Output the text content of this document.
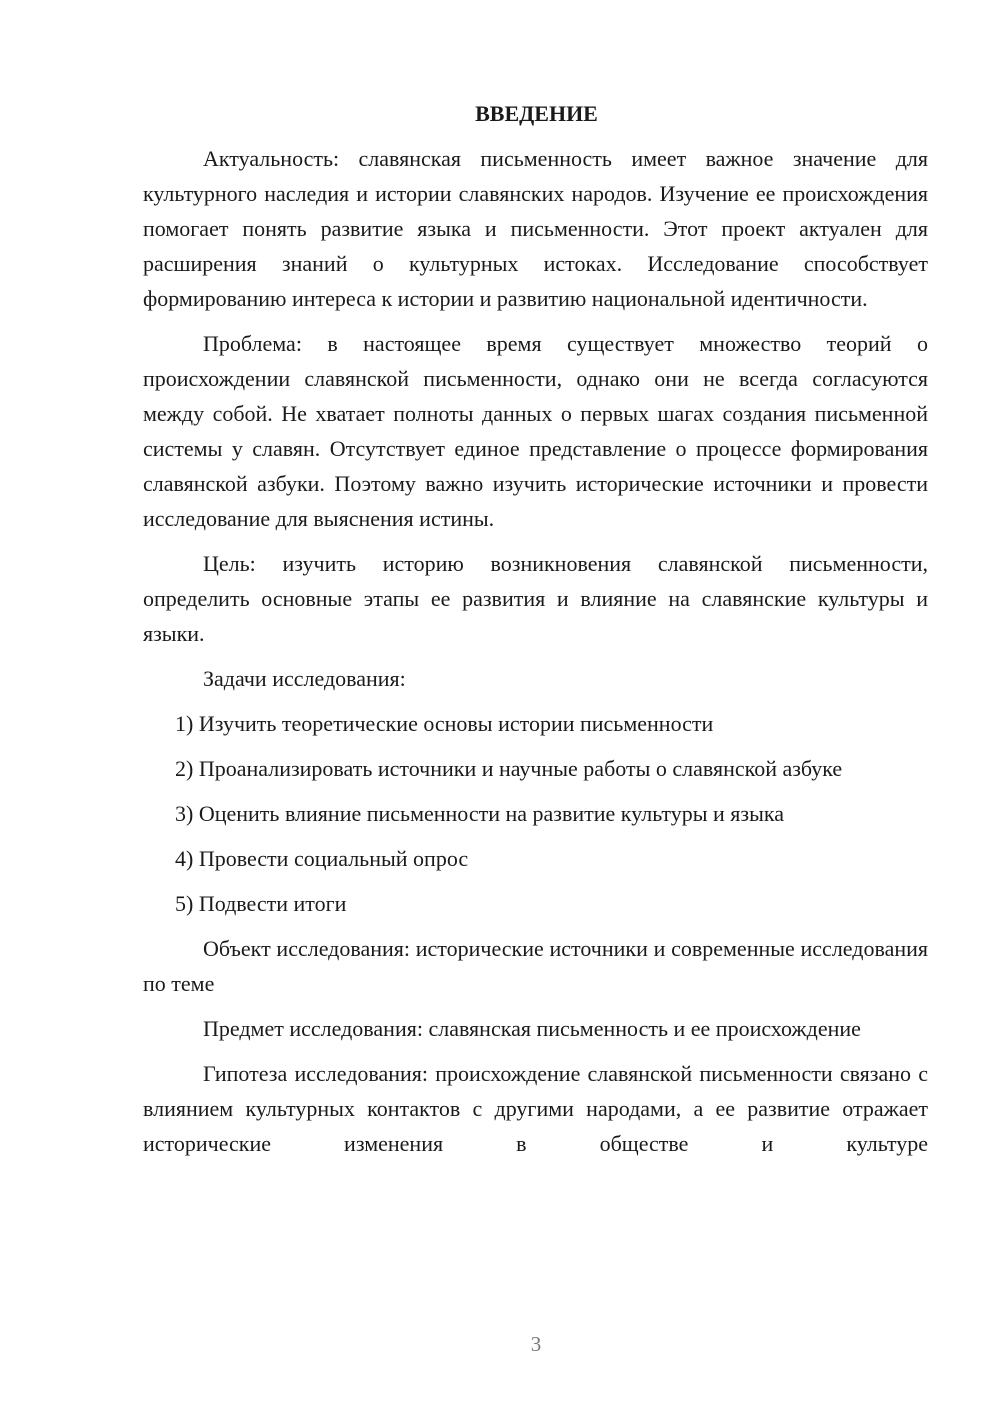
ВВЕДЕНИЕ
Актуальность: славянская письменность имеет важное значение для культурного наследия и истории славянских народов. Изучение ее происхождения помогает понять развитие языка и письменности. Этот проект актуален для расширения знаний о культурных истоках. Исследование способствует формированию интереса к истории и развитию национальной идентичности.
Проблема: в настоящее время существует множество теорий о происхождении славянской письменности, однако они не всегда согласуются между собой. Не хватает полноты данных о первых шагах создания письменной системы у славян. Отсутствует единое представление о процессе формирования славянской азбуки. Поэтому важно изучить исторические источники и провести исследование для выяснения истины.
Цель: изучить историю возникновения славянской письменности, определить основные этапы ее развития и влияние на славянские культуры и языки.
Задачи исследования:
1) Изучить теоретические основы истории письменности
2) Проанализировать источники и научные работы о славянской азбуке
3) Оценить влияние письменности на развитие культуры и языка
4) Провести социальный опрос
5) Подвести итоги
Объект исследования: исторические источники и современные исследования по теме
Предмет исследования: славянская письменность и ее происхождение
Гипотеза исследования: происхождение славянской письменности связано с влиянием культурных контактов с другими народами, а ее развитие отражает исторические изменения в обществе и культуре
3
